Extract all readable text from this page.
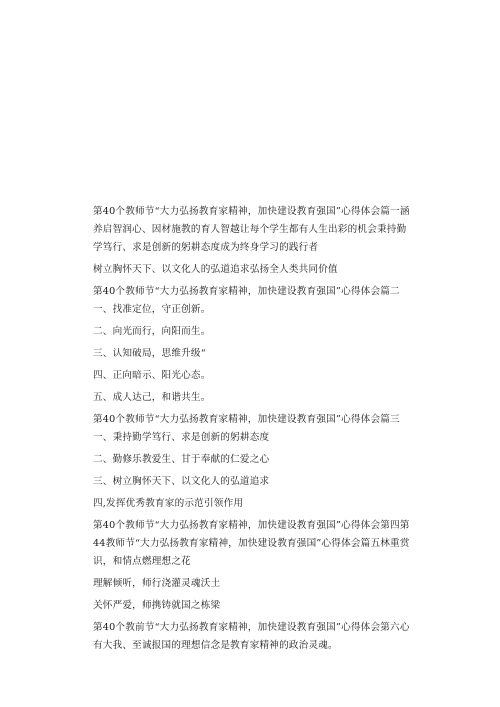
第40个教师节“大力弘扬教育家精神，加快建设教育强国”心得体会篇一涵养启智润心、因材施教的育人智越让每个学生都有人生出彩的机会秉持勤学笃行、求是创新的躬耕态度成为终身学习的践行者

树立胸怀天下、以文化人的弘道追求弘扬全人类共同价值

第40个教师节“大力弘扬教育家精神，加快建设教育强国”心得体会篇二一、找准定位，守正创新。

二、向光而行，向阳而生。

三、认知破局，思维升级“

四、正向暗示、阳光心态。

五、成人达己，和谐共生。

第40个教师节“大力弘扬教育家精神，加快建设教育强国”心得体会篇三一、秉持勤学笃行、求是创新的躬耕态度

二、勤修乐教爱生、甘于奉献的仁爱之心

三、树立胸怀天下、以文化人的弘道追求

四,发挥优秀教育家的示范引领作用

第40个教师节“大力弘扬教育家精神，加快建设教育强国”心得体会第四第44教师节“大力弘扬教育家精神，加快建设教育强国”心得体会篇五林重赏识，和情点燃理想之花

理解倾听，师行浇灌灵魂沃土

关怀严爱，师携铸就国之栋梁

第40个教前节“大力弘扬教育家精神，加快建设教育强国”心得体会第六心有大我、至诚报国的理想信念是教育家精神的政治灵魂。
